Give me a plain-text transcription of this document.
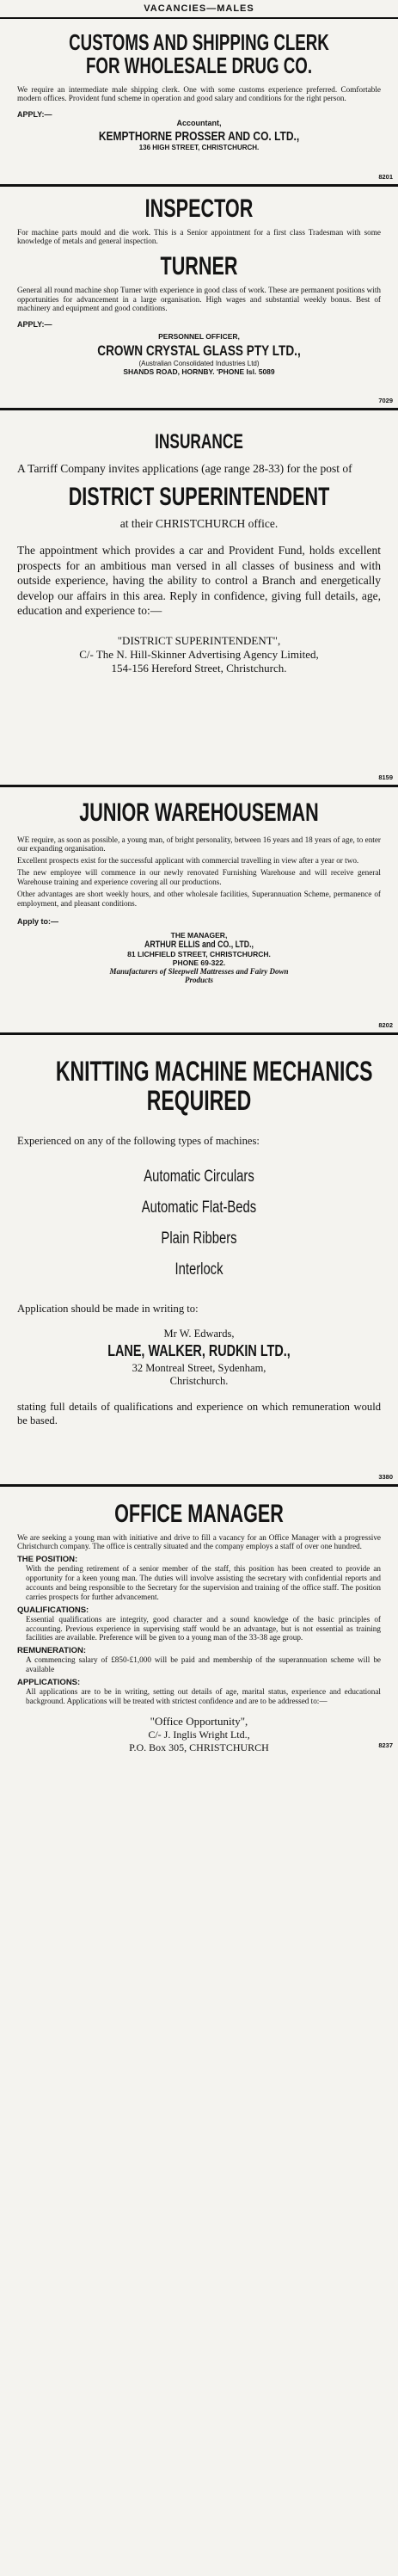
VACANCIES—MALES

CUSTOMS AND SHIPPING CLERK

FOR WHOLESALE DRUG CO.

We require an intermediate male shipping clerk. One with some customs experience preferred. Comfortable modern offices. Provident fund scheme in operation and good salary and conditions for the right person.

APPLY:—

Accountant,

KEMPTHORNE PROSSER AND CO. LTD.,

136 HIGH STREET, CHRISTCHURCH.

8201

INSPECTOR

For machine parts mould and die work. This is a Senior appointment for a first class Tradesman with some knowledge of metals and general inspection.

TURNER

General all round machine shop Turner with experience in good class of work. These are permanent positions with opportunities for advancement in a large organisation. High wages and substantial weekly bonus. Best of machinery and equipment and good conditions.

APPLY:—

PERSONNEL OFFICER,

CROWN CRYSTAL GLASS PTY LTD.,

(Australian Consolidated Industries Ltd)

SHANDS ROAD, HORNBY. 'PHONE Isl. 5089

7029

INSURANCE

A Tarriff Company invites applications (age range 28-33) for the post of

DISTRICT SUPERINTENDENT

at their CHRISTCHURCH office.

The appointment which provides a car and Provident Fund, holds excellent prospects for an ambitious man versed in all classes of business and with outside experience, having the ability to control a Branch and energetically develop our affairs in this area. Reply in confidence, giving full details, age, education and experience to:—

"DISTRICT SUPERINTENDENT",

C/- The N. Hill-Skinner Advertising Agency Limited,

154-156 Hereford Street, Christchurch.

8159

JUNIOR WAREHOUSEMAN

WE require, as soon as possible, a young man, of bright personality, between 16 years and 18 years of age, to enter our expanding organisation.

Excellent prospects exist for the successful applicant with commercial travelling in view after a year or two.

The new employee will commence in our newly renovated Furnishing Warehouse and will receive general Warehouse training and experience covering all our productions.

Other advantages are short weekly hours, and other wholesale facilities, Superannuation Scheme, permanence of employment, and pleasant conditions.

Apply to:—

THE MANAGER,

ARTHUR ELLIS and CO., LTD.,

81 LICHFIELD STREET, CHRISTCHURCH.

PHONE 69-322.

Manufacturers of Sleepwell Mattresses and Fairy Down Products

8202

KNITTING MACHINE MECHANICS

REQUIRED

Experienced on any of the following types of machines:

Automatic Circulars

Automatic Flat-Beds

Plain Ribbers

Interlock

Application should be made in writing to:

Mr W. Edwards,

LANE, WALKER, RUDKIN LTD.,

32 Montreal Street, Sydenham,

Christchurch.

stating full details of qualifications and experience on which remuneration would be based.

3380

OFFICE MANAGER

We are seeking a young man with initiative and drive to fill a vacancy for an Office Manager with a progressive Christchurch company. The office is centrally situated and the company employs a staff of over one hundred.

THE POSITION:

With the pending retirement of a senior member of the staff, this position has been created to provide an opportunity for a keen young man. The duties will involve assisting the secretary with confidential reports and accounts and being responsible to the Secretary for the supervision and training of the office staff. The position carries prospects for further advancement.

QUALIFICATIONS:

Essential qualifications are integrity, good character and a sound knowledge of the basic principles of accounting. Previous experience in supervising staff would be an advantage, but is not essential as training facilities are available. Preference will be given to a young man of the 33-38 age group.

REMUNERATION:

A commencing salary of £850-£1,000 will be paid and membership of the superannuation scheme will be available

APPLICATIONS:

All applications are to be in writing, setting out details of age, marital status, experience and educational background. Applications will be treated with strictest confidence and are to be addressed to:—

"Office Opportunity",

C/- J. Inglis Wright Ltd.,

P.O. Box 305, CHRISTCHURCH	8237
